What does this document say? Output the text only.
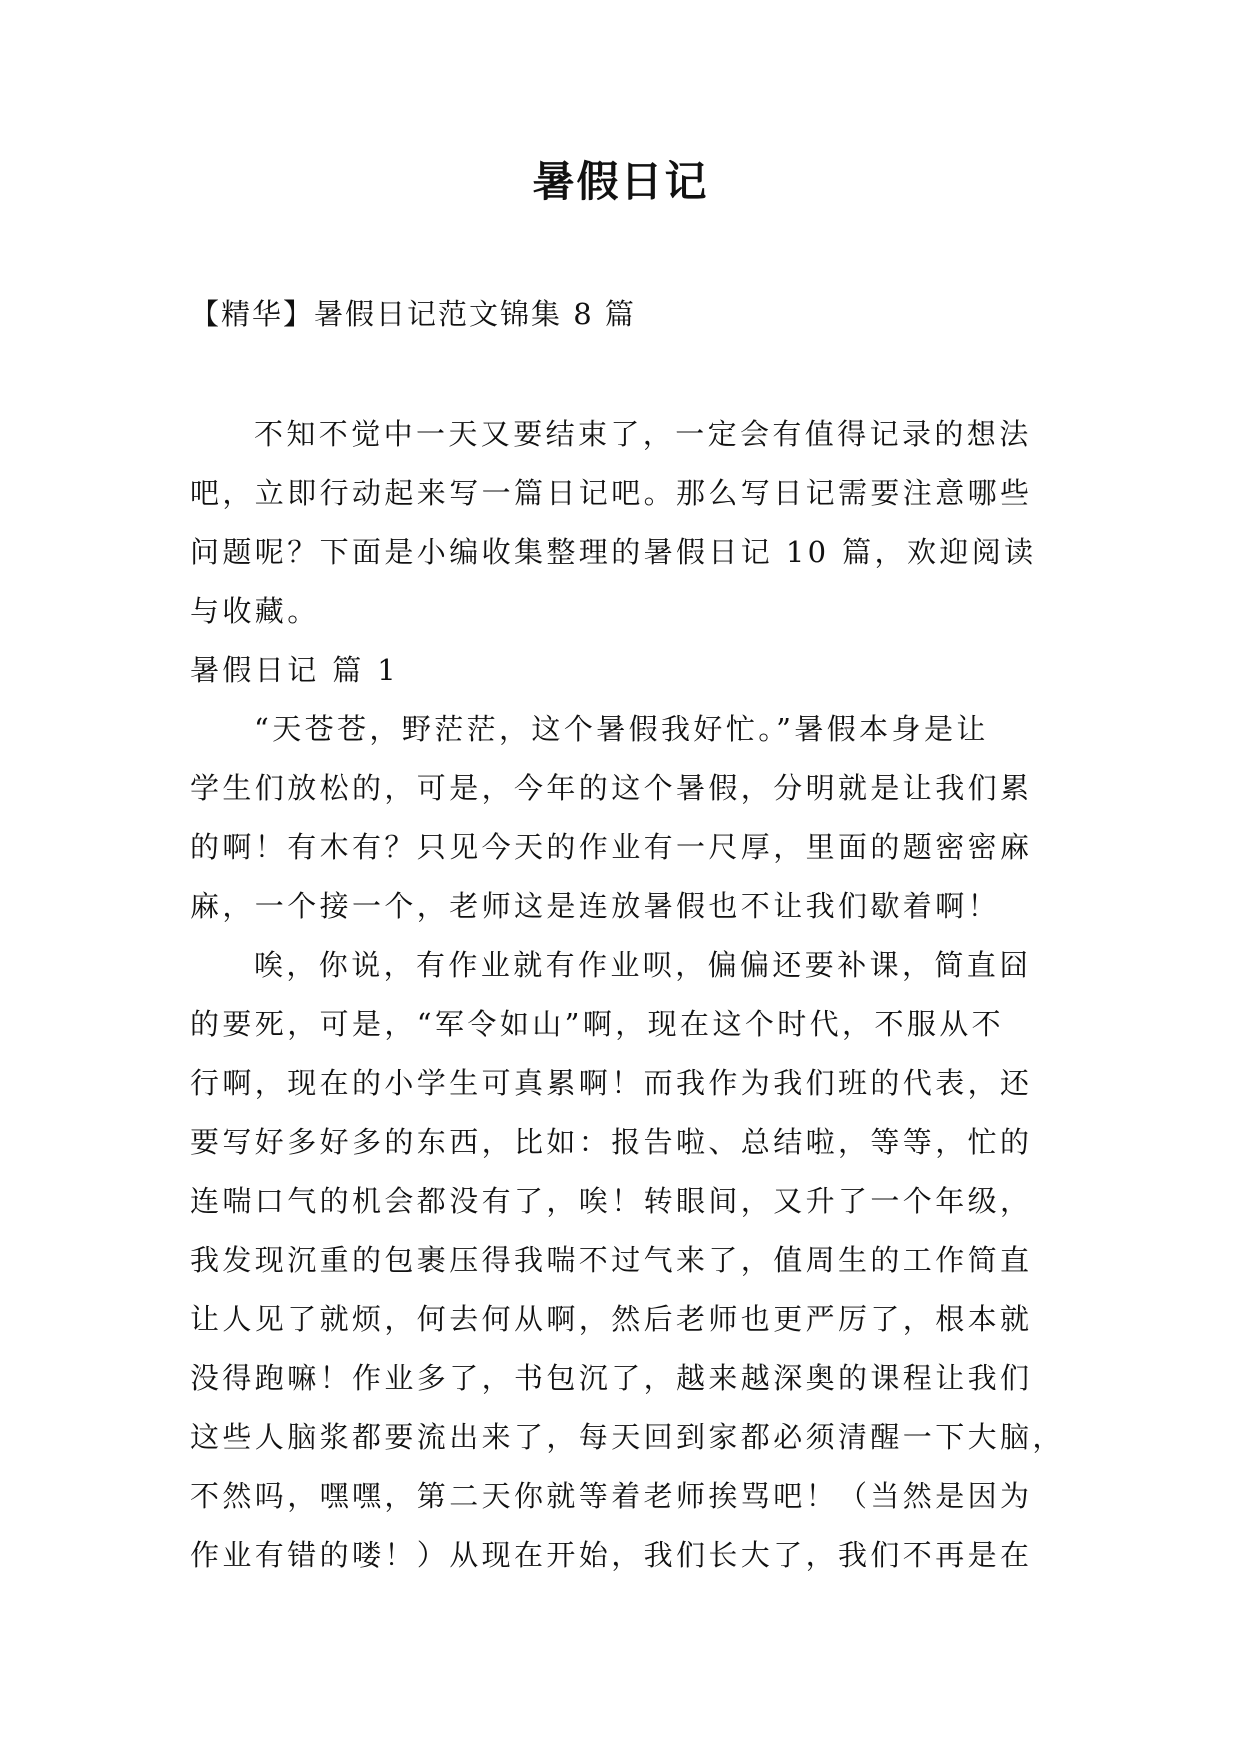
暑假日记
【精华】暑假日记范文锦集 8 篇
不知不觉中一天又要结束了，一定会有值得记录的想法
吧，立即行动起来写一篇日记吧。那么写日记需要注意哪些
问题呢？下面是小编收集整理的暑假日记 10 篇，欢迎阅读
与收藏。
暑假日记 篇 1
“天苍苍，野茫茫，这个暑假我好忙。”暑假本身是让
学生们放松的，可是，今年的这个暑假，分明就是让我们累
的啊！有木有？只见今天的作业有一尺厚，里面的题密密麻
麻，一个接一个，老师这是连放暑假也不让我们歇着啊！
唉，你说，有作业就有作业呗，偏偏还要补课，简直囧
的要死，可是，“军令如山”啊，现在这个时代，不服从不
行啊，现在的小学生可真累啊！而我作为我们班的代表，还
要写好多好多的东西，比如：报告啦、总结啦，等等，忙的
连喘口气的机会都没有了，唉！转眼间，又升了一个年级，
我发现沉重的包裹压得我喘不过气来了，值周生的工作简直
让人见了就烦，何去何从啊，然后老师也更严厉了，根本就
没得跑嘛！作业多了，书包沉了，越来越深奥的课程让我们
这些人脑浆都要流出来了，每天回到家都必须清醒一下大脑，
不然吗，嘿嘿，第二天你就等着老师挨骂吧！（当然是因为
作业有错的喽！）从现在开始，我们长大了，我们不再是在
